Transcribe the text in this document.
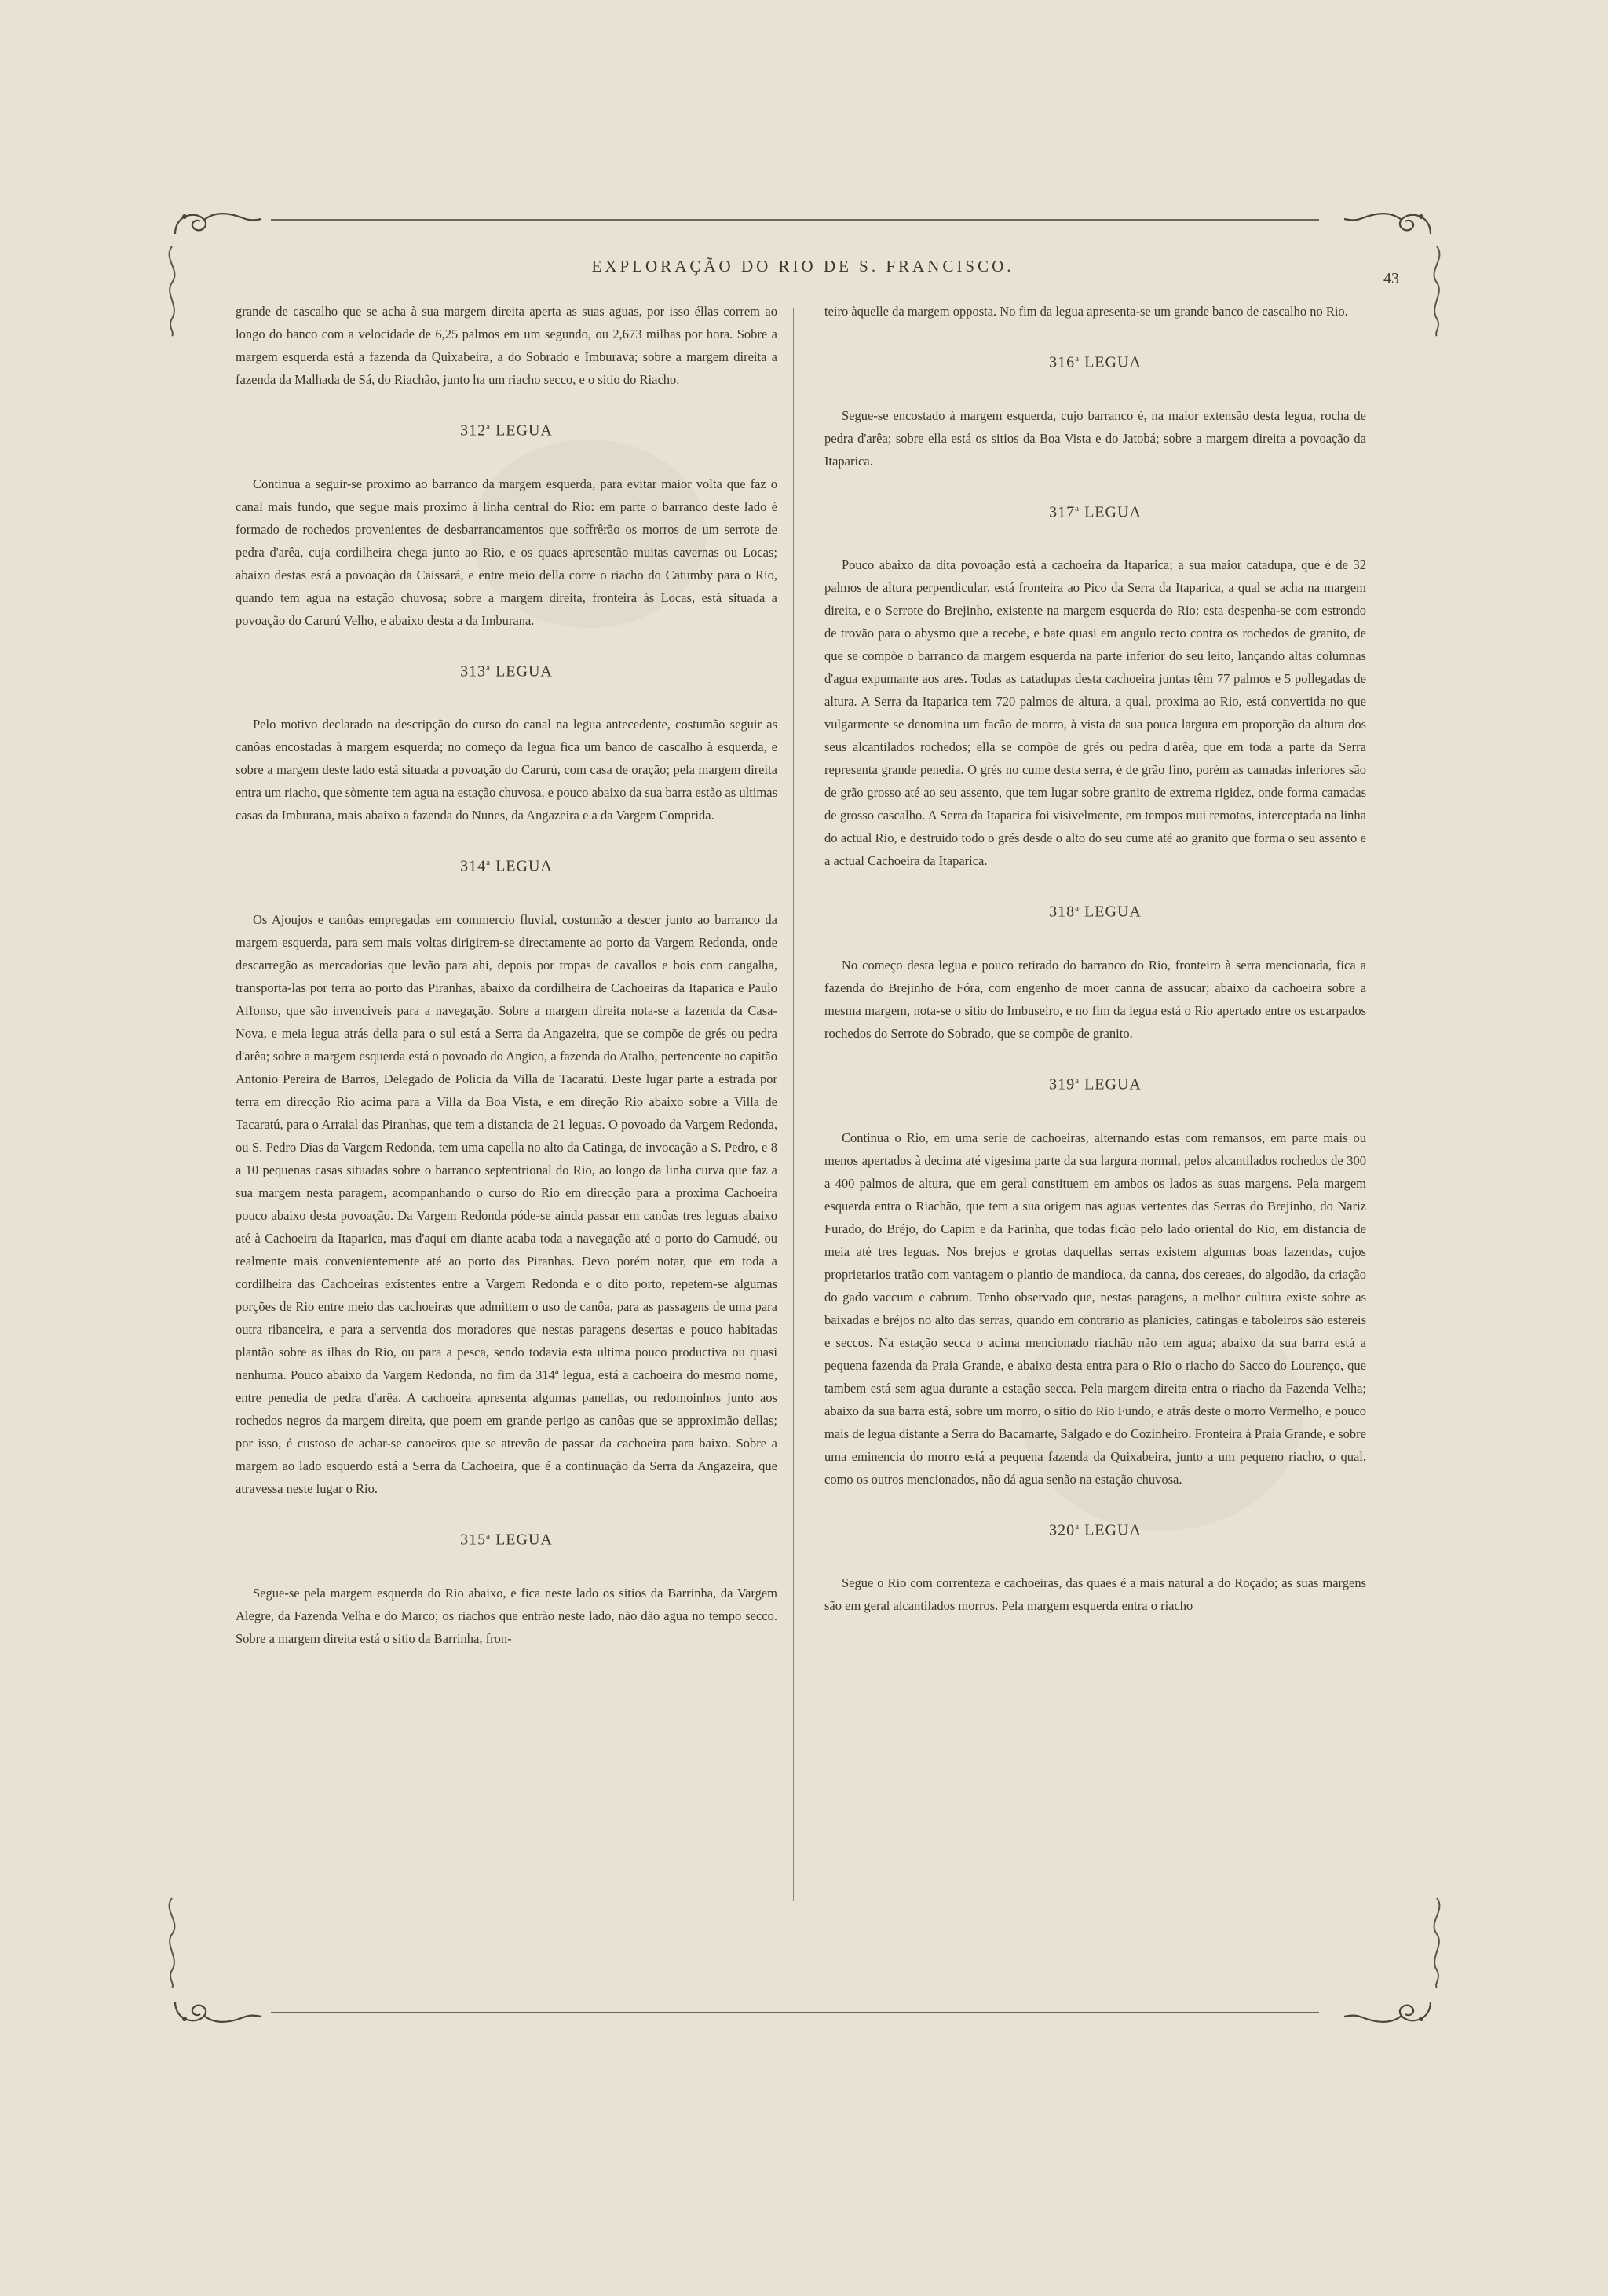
EXPLORAÇÃO DO RIO DE S. FRANCISCO.
43

grande de cascalho que se acha à sua margem direita aperta as suas aguas, por isso éllas correm ao longo do banco com a velocidade de 6,25 palmos em um segundo, ou 2,673 milhas por hora. Sobre a margem esquerda está a fazenda da Quixabeira, a do Sobrado e Imburava; sobre a margem direita a fazenda da Malhada de Sá, do Riachão, junto ha um riacho secco, e o sitio do Riacho.

312$^a$ LEGUA

Continua a seguir-se proximo ao barranco da margem esquerda, para evitar maior volta que faz o canal mais fundo, que segue mais proximo à linha central do Rio: em parte o barranco deste lado é formado de rochedos provenientes de desbarrancamentos que soffrêrão os morros de um serrote de pedra d'arêa, cuja cordilheira chega junto ao Rio, e os quaes apresentão muitas cavernas ou Locas; abaixo destas está a povoação da Caissará, e entre meio della corre o riacho do Catumby para o Rio, quando tem agua na estação chuvosa; sobre a margem direita, fronteira às Locas, está situada a povoação do Carurú Velho, e abaixo desta a da Imburana.

313$^a$ LEGUA

Pelo motivo declarado na descripção do curso do canal na legua antecedente, costumão seguir as canôas encostadas à margem esquerda; no começo da legua fica um banco de cascalho à esquerda, e sobre a margem deste lado está situada a povoação do Carurú, com casa de oração; pela margem direita entra um riacho, que sòmente tem agua na estação chuvosa, e pouco abaixo da sua barra estão as ultimas casas da Imburana, mais abaixo a fazenda do Nunes, da Angazeira e a da Vargem Comprida.

314$^a$ LEGUA

Os Ajoujos e canôas empregadas em commercio fluvial, costumão a descer junto ao barranco da margem esquerda, para sem mais voltas dirigirem-se directamente ao porto da Vargem Redonda, onde descarregão as mercadorias que levão para ahi, depois por tropas de cavallos e bois com cangalha, transporta-las por terra ao porto das Piranhas, abaixo da cordilheira de Cachoeiras da Itaparica e Paulo Affonso, que são invenciveis para a navegação. Sobre a margem direita nota-se a fazenda da Casa-Nova, e meia legua atrás della para o sul está a Serra da Angazeira, que se compõe de grés ou pedra d'arêa; sobre a margem esquerda está o povoado do Angico, a fazenda do Atalho, pertencente ao capitão Antonio Pereira de Barros, Delegado de Policia da Villa de Tacaratú. Deste lugar parte a estrada por terra em direcção Rio acima para a Villa da Boa Vista, e em direção Rio abaixo sobre a Villa de Tacaratú, para o Arraial das Piranhas, que tem a distancia de 21 leguas. O povoado da Vargem Redonda, ou S. Pedro Dias da Vargem Redonda, tem uma capella no alto da Catinga, de invocação a S. Pedro, e 8 a 10 pequenas casas situadas sobre o barranco septentrional do Rio, ao longo da linha curva que faz a sua margem nesta paragem, acompanhando o curso do Rio em direcção para a proxima Cachoeira pouco abaixo desta povoação. Da Vargem Redonda póde-se ainda passar em canôas tres leguas abaixo até à Cachoeira da Itaparica, mas d'aqui em diante acaba toda a navegação até o porto do Camudé, ou realmente mais convenientemente até ao porto das Piranhas. Devo porém notar, que em toda a cordilheira das Cachoeiras existentes entre a Vargem Redonda e o dito porto, repetem-se algumas porções de Rio entre meio das cachoeiras que admittem o uso de canôa, para as passagens de uma para outra ribanceira, e para a serventia dos moradores que nestas paragens desertas e pouco habitadas plantão sobre as ilhas do Rio, ou para a pesca, sendo todavia esta ultima pouco productiva ou quasi nenhuma. Pouco abaixo da Vargem Redonda, no fim da 314ª legua, está a cachoeira do mesmo nome, entre penedia de pedra d'arêa. A cachoeira apresenta algumas panellas, ou redomoinhos junto aos rochedos negros da margem direita, que poem em grande perigo as canôas que se approximão dellas; por isso, é custoso de achar-se canoeiros que se atrevão de passar da cachoeira para baixo. Sobre a margem ao lado esquerdo está a Serra da Cachoeira, que é a continuação da Serra da Angazeira, que atravessa neste lugar o Rio.

315$^a$ LEGUA

Segue-se pela margem esquerda do Rio abaixo, e fica neste lado os sitios da Barrinha, da Vargem Alegre, da Fazenda Velha e do Marco; os riachos que entrão neste lado, não dão agua no tempo secco. Sobre a margem direita está o sitio da Barrinha, fron-

teiro àquelle da margem opposta. No fim da legua apresenta-se um grande banco de cascalho no Rio.

316$^a$ LEGUA

Segue-se encostado à margem esquerda, cujo barranco é, na maior extensão desta legua, rocha de pedra d'arêa; sobre ella está os sitios da Boa Vista e do Jatobá; sobre a margem direita a povoação da Itaparica.

317$^a$ LEGUA

Pouco abaixo da dita povoação está a cachoeira da Itaparica; a sua maior catadupa, que é de 32 palmos de altura perpendicular, está fronteira ao Pico da Serra da Itaparica, a qual se acha na margem direita, e o Serrote do Brejinho, existente na margem esquerda do Rio: esta despenha-se com estrondo de trovão para o abysmo que a recebe, e bate quasi em angulo recto contra os rochedos de granito, de que se compõe o barranco da margem esquerda na parte inferior do seu leito, lançando altas columnas d'agua expumante aos ares. Todas as catadupas desta cachoeira juntas têm 77 palmos e 5 pollegadas de altura. A Serra da Itaparica tem 720 palmos de altura, a qual, proxima ao Rio, está convertida no que vulgarmente se denomina um facão de morro, à vista da sua pouca largura em proporção da altura dos seus alcantilados rochedos; ella se compõe de grés ou pedra d'arêa, que em toda a parte da Serra representa grande penedia. O grés no cume desta serra, é de grão fino, porém as camadas inferiores são de grão grosso até ao seu assento, que tem lugar sobre granito de extrema rigidez, onde forma camadas de grosso cascalho. A Serra da Itaparica foi visivelmente, em tempos mui remotos, interceptada na linha do actual Rio, e destruido todo o grés desde o alto do seu cume até ao granito que forma o seu assento e a actual Cachoeira da Itaparica.

318$^a$ LEGUA

No começo desta legua e pouco retirado do barranco do Rio, fronteiro à serra mencionada, fica a fazenda do Brejinho de Fóra, com engenho de moer canna de assucar; abaixo da cachoeira sobre a mesma margem, nota-se o sitio do Imbuseiro, e no fim da legua está o Rio apertado entre os escarpados rochedos do Serrote do Sobrado, que se compõe de granito.

319$^a$ LEGUA

Continua o Rio, em uma serie de cachoeiras, alternando estas com remansos, em parte mais ou menos apertados à decima até vigesima parte da sua largura normal, pelos alcantilados rochedos de 300 a 400 palmos de altura, que em geral constituem em ambos os lados as suas margens. Pela margem esquerda entra o Riachão, que tem a sua origem nas aguas vertentes das Serras do Brejinho, do Nariz Furado, do Bréjo, do Capim e da Farinha, que todas ficão pelo lado oriental do Rio, em distancia de meia até tres leguas. Nos brejos e grotas daquellas serras existem algumas boas fazendas, cujos proprietarios tratão com vantagem o plantio de mandioca, da canna, dos cereaes, do algodão, da criação do gado vaccum e cabrum. Tenho observado que, nestas paragens, a melhor cultura existe sobre as baixadas e bréjos no alto das serras, quando em contrario as planicies, catingas e taboleiros são estereis e seccos. Na estação secca o acima mencionado riachão não tem agua; abaixo da sua barra está a pequena fazenda da Praia Grande, e abaixo desta entra para o Rio o riacho do Sacco do Lourenço, que tambem está sem agua durante a estação secca. Pela margem direita entra o riacho da Fazenda Velha; abaixo da sua barra está, sobre um morro, o sitio do Rio Fundo, e atrás deste o morro Vermelho, e pouco mais de legua distante a Serra do Bacamarte, Salgado e do Cozinheiro. Fronteira à Praia Grande, e sobre uma eminencia do morro está a pequena fazenda da Quixabeira, junto a um pequeno riacho, o qual, como os outros mencionados, não dá agua senão na estação chuvosa.

320$^a$ LEGUA

Segue o Rio com correnteza e cachoeiras, das quaes é a mais natural a do Roçado; as suas margens são em geral alcantilados morros. Pela margem esquerda entra o riacho
